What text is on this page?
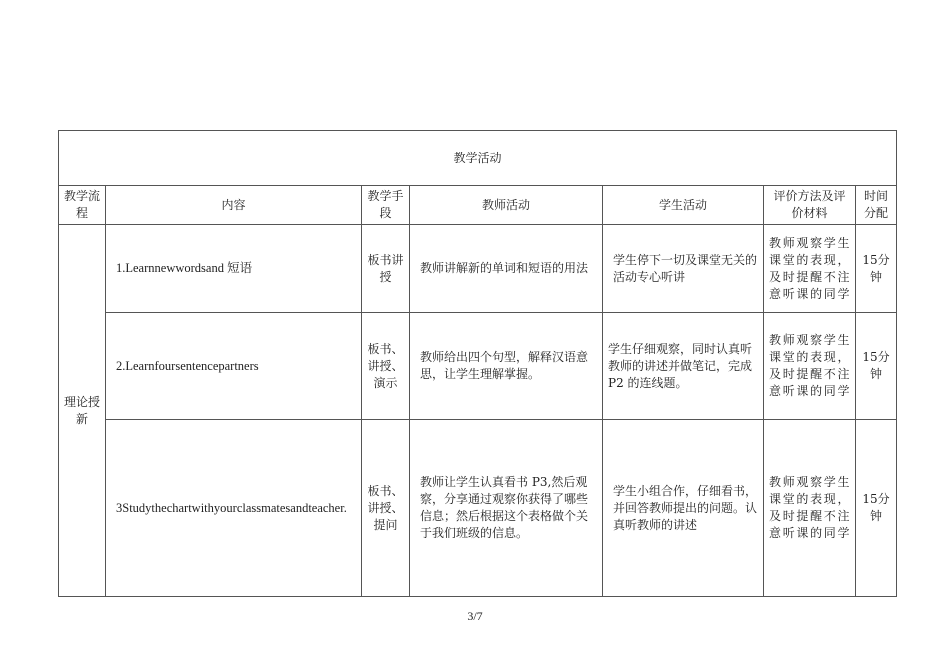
教学活动						
教学流程	内容	教学手段	教师活动	学生活动	评价方法及评价材料	时间分配
理论授新	1.Learnnewwordsand 短语	板书讲授	教师讲解新的单词和短语的用法	学生停下一切及课堂无关的活动专心听讲	教师观察学生课堂的表现，及时提醒不注意听课的同学	15分钟
	2.Learnfoursentencepartners	板书、讲授、演示	教师给出四个句型，解释汉语意思，让学生理解掌握。	学生仔细观察，同时认真听教师的讲述并做笔记，完成 P2 的连线题。	教师观察学生课堂的表现，及时提醒不注意听课的同学	15分钟
	3Studythechartwithyourclassmatesandteacher.	板书、讲授、提问	教师让学生认真看书 P3,然后观察，分享通过观察你获得了哪些信息；然后根据这个表格做个关于我们班级的信息。	学生小组合作，仔细看书，并回答教师提出的问题。认真听教师的讲述	教师观察学生课堂的表现，及时提醒不注意听课的同学	15分钟
3/7
